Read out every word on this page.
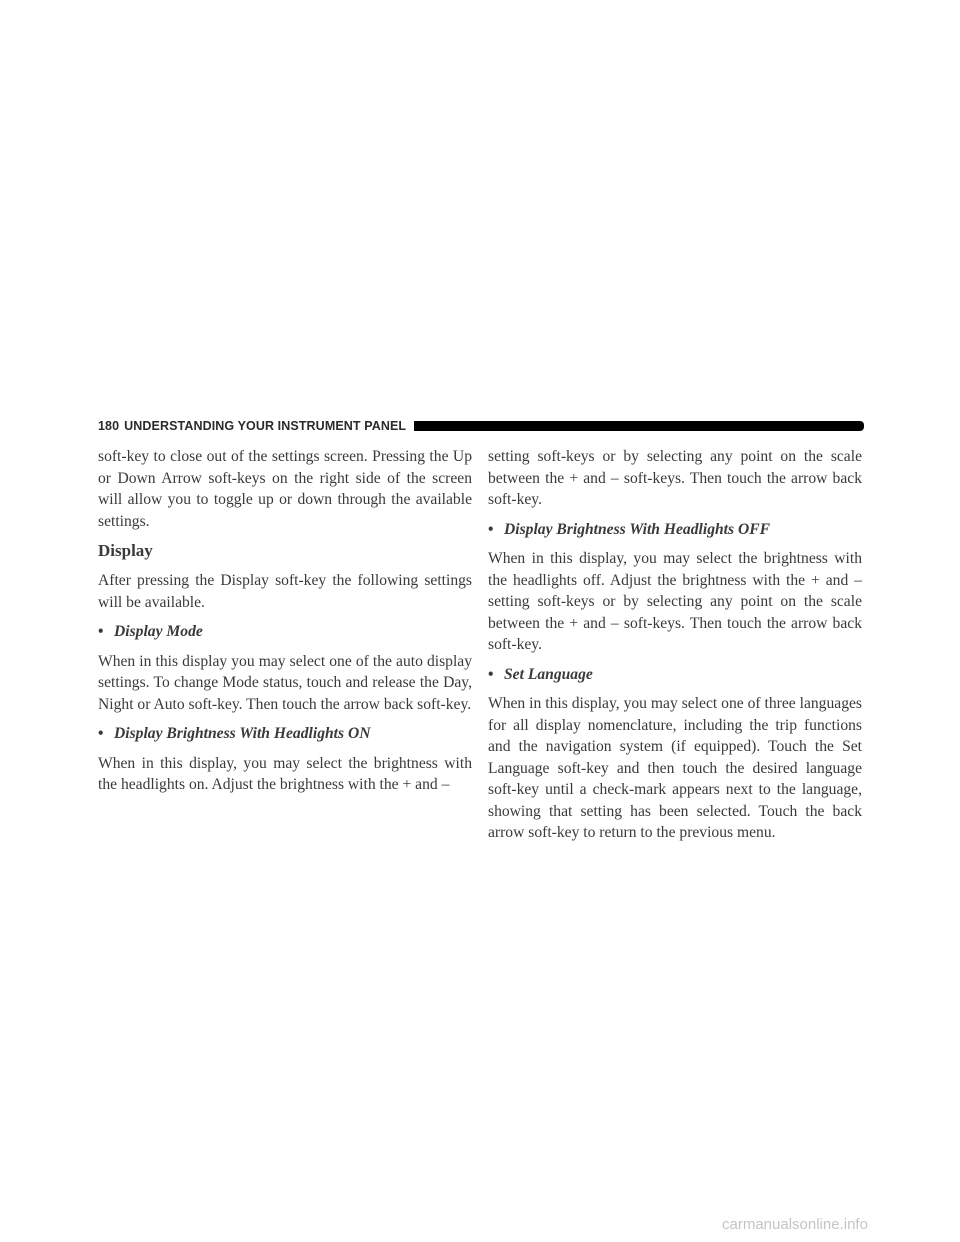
180 UNDERSTANDING YOUR INSTRUMENT PANEL

soft-key to close out of the settings screen. Pressing the Up or Down Arrow soft-keys on the right side of the screen will allow you to toggle up or down through the available settings.

Display

After pressing the Display soft-key the following settings will be available.

• Display Mode

When in this display you may select one of the auto display settings. To change Mode status, touch and release the Day, Night or Auto soft-key. Then touch the arrow back soft-key.

• Display Brightness With Headlights ON

When in this display, you may select the brightness with the headlights on. Adjust the brightness with the + and –

setting soft-keys or by selecting any point on the scale between the + and – soft-keys. Then touch the arrow back soft-key.

• Display Brightness With Headlights OFF

When in this display, you may select the brightness with the headlights off. Adjust the brightness with the + and – setting soft-keys or by selecting any point on the scale between the + and – soft-keys. Then touch the arrow back soft-key.

• Set Language

When in this display, you may select one of three languages for all display nomenclature, including the trip functions and the navigation system (if equipped). Touch the Set Language soft-key and then touch the desired language soft-key until a check-mark appears next to the language, showing that setting has been selected. Touch the back arrow soft-key to return to the previous menu.

carmanualsonline.info
